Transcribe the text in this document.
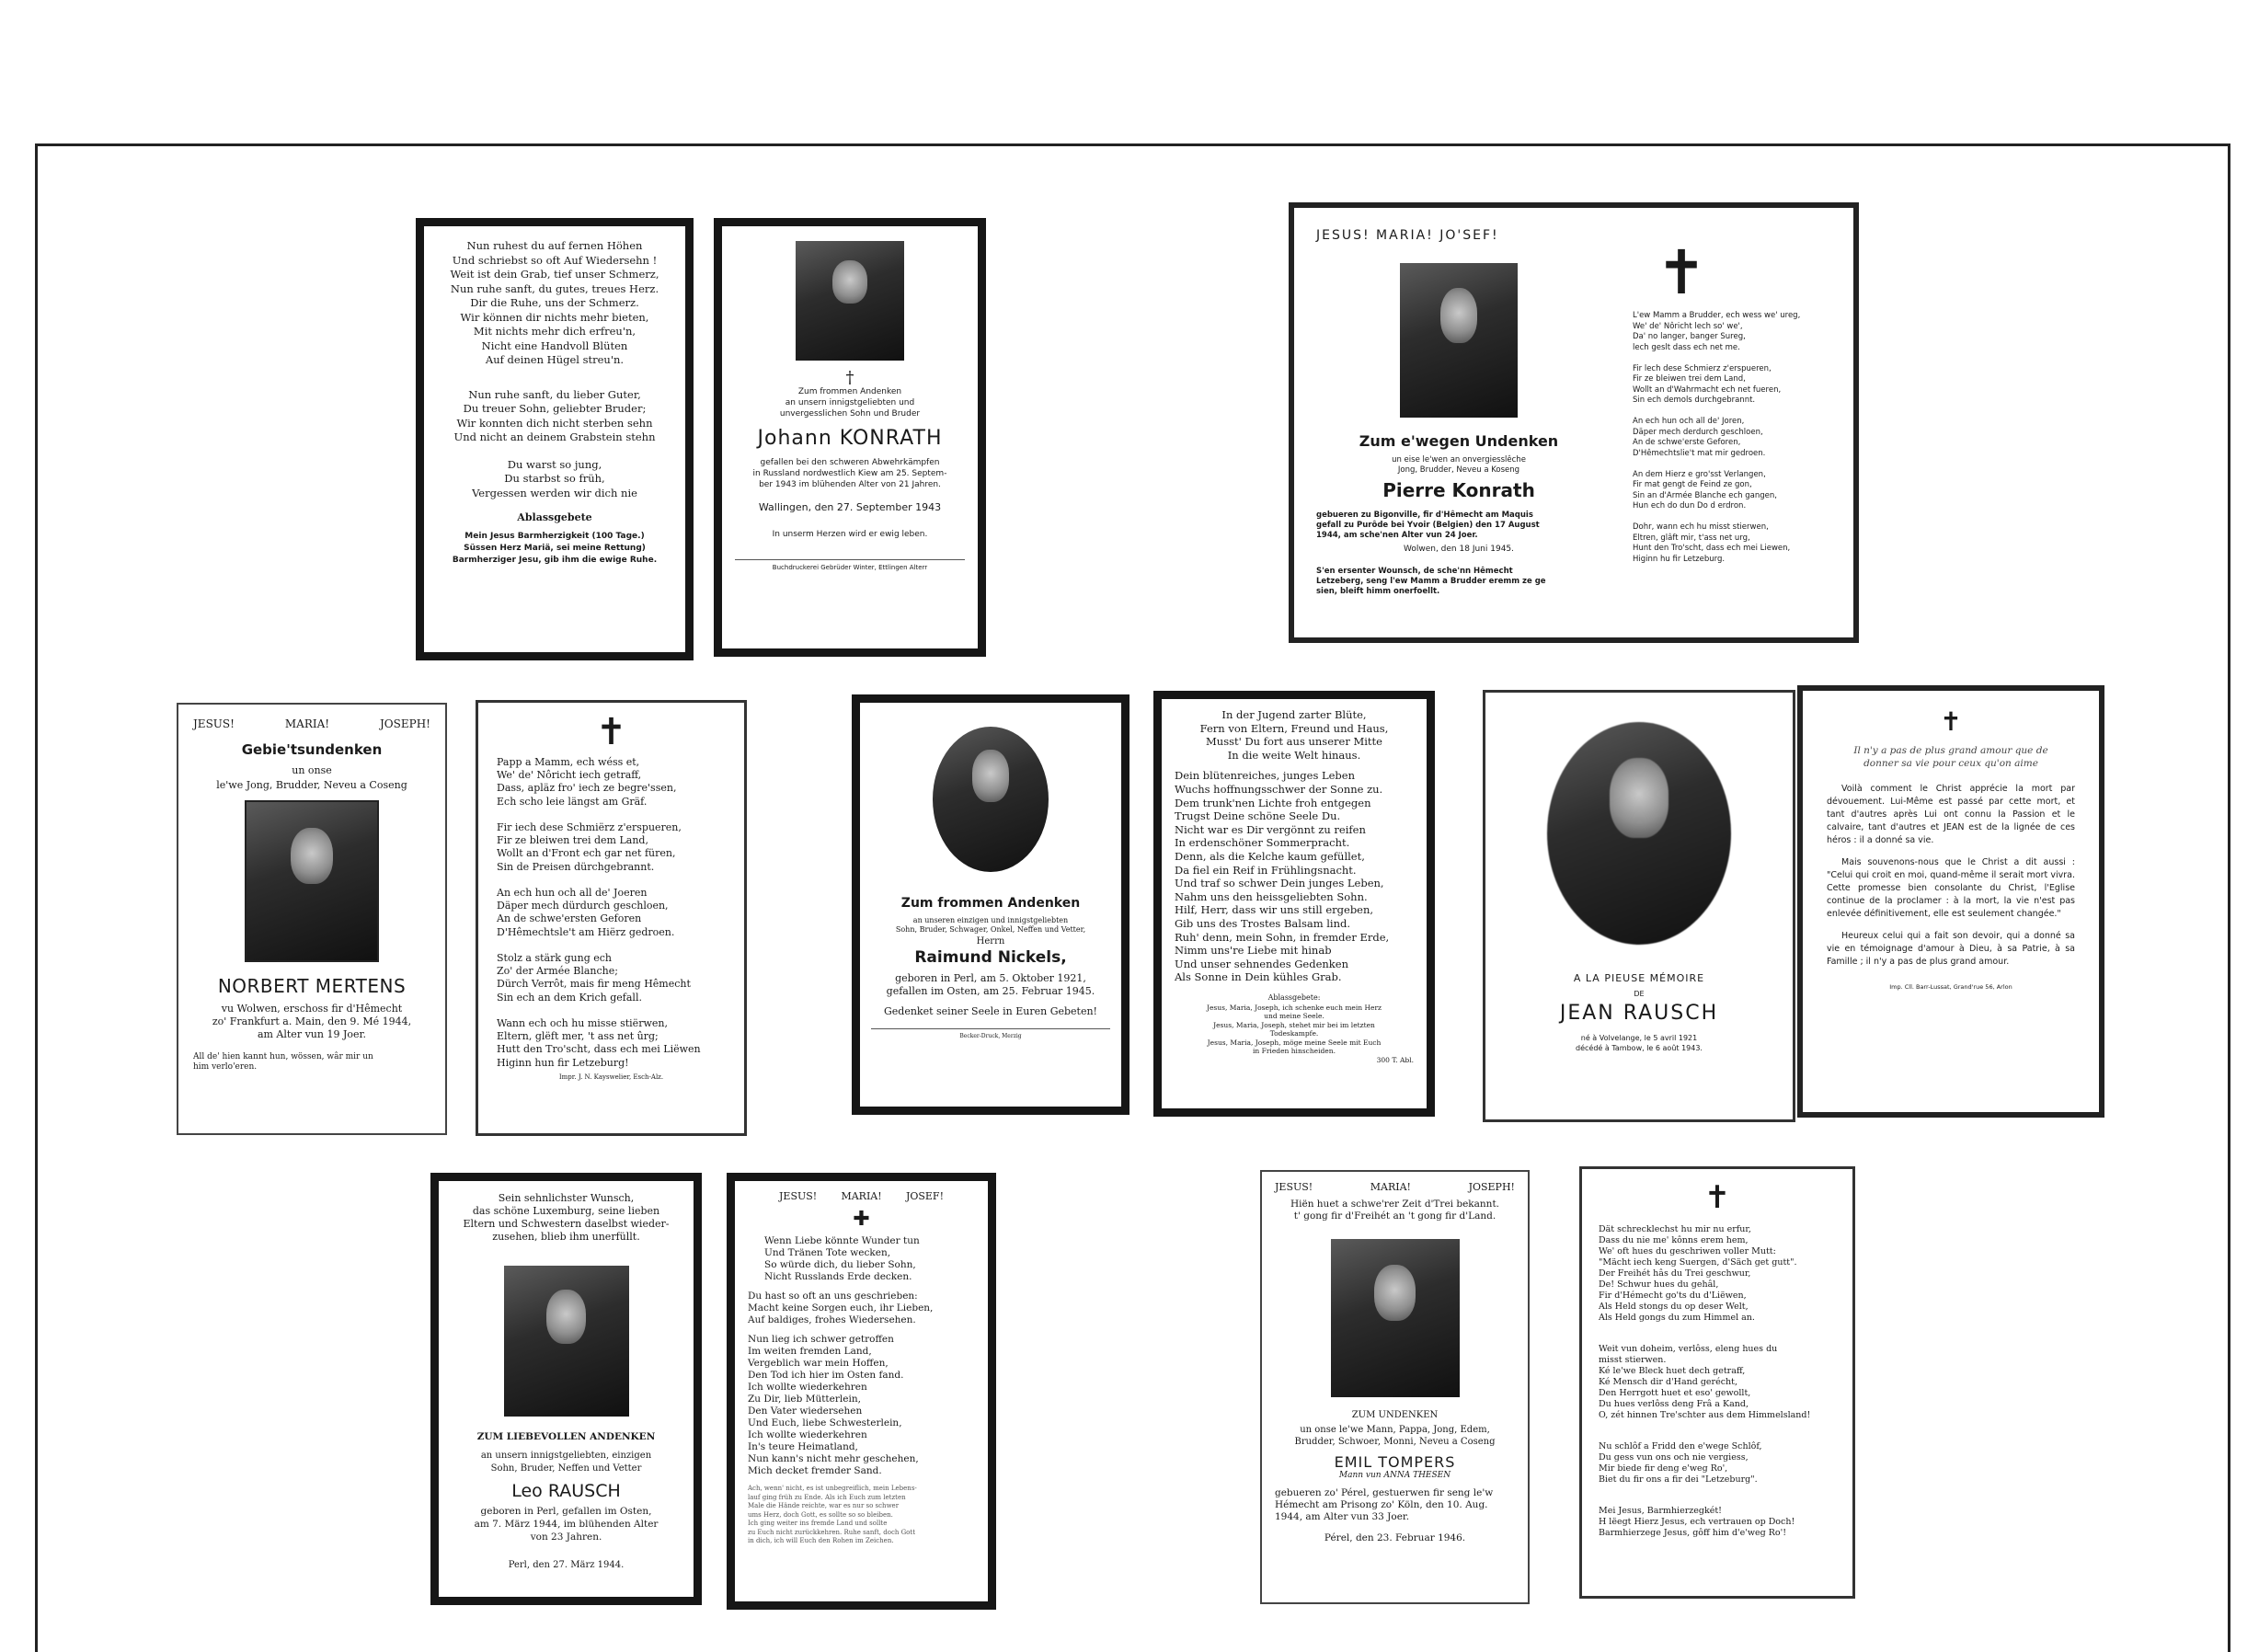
Nun ruhest du auf fernen Höhen
Und schriebst so oft Auf Wiedersehn !
Weit ist dein Grab, tief unser Schmerz,
Nun ruhe sanft, du gutes, treues Herz.
Dir die Ruhe, uns der Schmerz.
Wir können dir nichts mehr bieten,
Mit nichts mehr dich erfreu'n,
Nicht eine Handvoll Blüten
Auf deinen Hügel streu'n.
Nun ruhe sanft, du lieber Guter,
Du treuer Sohn, geliebter Bruder;
Wir konnten dich nicht sterben sehn
Und nicht an deinem Grabstein stehn
Du warst so jung,
Du starbst so früh,
Vergessen werden wir dich nie
Ablassgebete
Mein Jesus Barmherzigkeit (100 Tage.)
Süssen Herz Mariä, sei meine Rettung)
Barmherziger Jesu, gib ihm die ewige Ruhe.
†
Zum frommen Andenken
an unsern innigstgeliebten und
unvergesslichen Sohn und Bruder
Johann KONRATH
gefallen bei den schweren Abwehrkämpfen
in Russland nordwestlich Kiew am 25. Septem-
ber 1943 im blühenden Alter von 21 Jahren.
Wallingen, den 27. September 1943
In unserm Herzen wird er ewig leben.
Buchdruckerei Gebrüder Winter, Ettlingen Alterr
JESUS! MARIA! JO'SEF!
Zum e'wegen Undenken
un eise le'wen an onvergiesslêche
Jong, Brudder, Neveu a Koseng
Pierre Konrath
gebueren zu Bigonville, fir d'Hêmecht am Maquis
gefall zu Purôde bei Yvoir (Belgien) den 17 August
1944, am sche'nen Alter vun 24 Joer.
Wolwen, den 18 Juni 1945.
S'en ersenter Wounsch, de sche'nn Hêmecht
Letzeberg, seng l'ew Mamm a Brudder eremm ze ge
sien, bleift himm onerfoellt.
✝
L'ew Mamm a Brudder, ech wess we' ureg,
We' de' Nôricht lech so' we',
Da' no langer, banger Sureg,
lech geslt dass ech net me.

Fir lech dese Schmierz z'erspueren,
Fir ze bleiwen trei dem Land,
Wollt an d'Wahrmacht ech net fueren,
Sin ech demols durchgebrannt.

An ech hun och all de' Joren,
Däper mech derdurch geschloen,
An de schwe'erste Geforen,
D'Hêmechtslie't mat mir gedroen.

An dem Hierz e gro'sst Verlangen,
Fir mat gengt de Feind ze gon,
Sin an d'Armée Blanche ech gangen,
Hun ech do dun Do d erdron.

Dohr, wann ech hu misst stierwen,
Eltren, glâft mir, t'ass net urg,
Hunt den Tro'scht, dass ech mei Liewen,
Higinn hu fir Letzeburg.
JESUS!	MARIA!	JOSEPH!
Gebie'tsundenken
un onse
le'we Jong, Brudder, Neveu a Coseng
NORBERT MERTENS
vu Wolwen, erschoss fir d'Hêmecht
zo' Frankfurt a. Main, den 9. Mé 1944,
am Alter vun 19 Joer.
All de' hien kannt hun, wössen, wâr mir un
him verlo'eren.
✝
Papp a Mamm, ech wéss et,
We' de' Nôricht iech getraff,
Dass, apläz fro' iech ze begre'ssen,
Ech scho leie längst am Gräf.

Fir iech dese Schmiërz z'erspueren,
Fir ze bleiwen trei dem Land,
Wollt an d'Front ech gar net füren,
Sin de Preisen dürchgebrannt.

An ech hun och all de' Joeren
Däper mech dürdurch geschloen,
An de schwe'ersten Geforen
D'Hêmechtsle't am Hiërz gedroen.

Stolz a stärk gung ech
Zo' der Armée Blanche;
Dürch Verrôt, mais fir meng Hêmecht
Sin ech an dem Krich gefall.

Wann ech och hu misse stiërwen,
Eltern, glëft mer, 't ass net ûrg;
Hutt den Tro'scht, dass ech mei Liëwen
Higinn hun fir Letzeburg!
Impr. J. N. Kayswelier, Esch-Alz.
Zum frommen Andenken
an unseren einzigen und innigstgeliebten
Sohn, Bruder, Schwager, Onkel, Neffen und Vetter,
Herrn
Raimund Nickels,
geboren in Perl, am 5. Oktober 1921,
gefallen im Osten, am 25. Februar 1945.
Gedenket seiner Seele in Euren Gebeten!
Becker-Druck, Merzig
In der Jugend zarter Blüte,
Fern von Eltern, Freund und Haus,
Musst' Du fort aus unserer Mitte
In die weite Welt hinaus.
Dein blütenreiches, junges Leben
Wuchs hoffnungsschwer der Sonne zu.
Dem trunk'nen Lichte froh entgegen
Trugst Deine schöne Seele Du.
Nicht war es Dir vergönnt zu reifen
In erdenschöner Sommerpracht.
Denn, als die Kelche kaum gefüllet,
Da fiel ein Reif in Frühlingsnacht.
Und traf so schwer Dein junges Leben,
Nahm uns den heissgeliebten Sohn.
Hilf, Herr, dass wir uns still ergeben,
Gib uns des Trostes Balsam lind.
Ruh' denn, mein Sohn, in fremder Erde,
Nimm uns're Liebe mit hinab
Und unser sehnendes Gedenken
Als Sonne in Dein kühles Grab.
Ablassgebete:
Jesus, Maria, Joseph, ich schenke euch mein Herz
und meine Seele.
Jesus, Maria, Joseph, stehet mir bei im letzten
Todeskampfe.
Jesus, Maria, Joseph, möge meine Seele mit Euch
in Frieden hinscheiden.
300 T. Abl.
A LA PIEUSE MÉMOIRE
DE
JEAN RAUSCH
né à Volvelange, le 5 avril 1921
décédé à Tambow, le 6 août 1943.
✝
Il n'y a pas de plus grand amour que de
donner sa vie pour ceux qu'on aime
Voilà comment le Christ apprécie la mort par dévouement. Lui-Même est passé par cette mort, et tant d'autres après Lui ont connu la Passion et le calvaire, tant d'autres et JEAN est de la lignée de ces héros : il a donné sa vie.
Mais souvenons-nous que le Christ a dit aussi : "Celui qui croit en moi, quand-même il serait mort vivra. Cette promesse bien consolante du Christ, l'Eglise continue de la proclamer : à la mort, la vie n'est pas enlevée définitivement, elle est seulement changée."
Heureux celui qui a fait son devoir, qui a donné sa vie en témoignage d'amour à Dieu, à sa Patrie, à sa Famille ; il n'y a pas de plus grand amour.
Imp. Cll. Barr-Lussat, Grand'rue 56, Arlon
Sein sehnlichster Wunsch,
das schöne Luxemburg, seine lieben
Eltern und Schwestern daselbst wieder-
zusehen, blieb ihm unerfüllt.
ZUM LIEBEVOLLEN ANDENKEN
an unsern innigstgeliebten, einzigen
Sohn, Bruder, Neffen und Vetter
Leo RAUSCH
geboren in Perl, gefallen im Osten,
am 7. März 1944, im blühenden Alter
von 23 Jahren.
Perl, den 27. März 1944.
JESUS! MARIA! JOSEF!
✚
Wenn Liebe könnte Wunder tun
Und Tränen Tote wecken,
So würde dich, du lieber Sohn,
Nicht Russlands Erde decken.
Du hast so oft an uns geschrieben:
Macht keine Sorgen euch, ihr Lieben,
Auf baldiges, frohes Wiedersehen.
Nun lieg ich schwer getroffen
Im weiten fremden Land,
Vergeblich war mein Hoffen,
Den Tod ich hier im Osten fand.
Ich wollte wiederkehren
Zu Dir, lieb Mütterlein,
Den Vater wiedersehen
Und Euch, liebe Schwesterlein,
Ich wollte wiederkehren
In's teure Heimatland,
Nun kann's nicht mehr geschehen,
Mich decket fremder Sand.
Ach, wenn' nicht, es ist unbegreiflich, mein Lebens-
lauf ging früh zu Ende. Als ich Euch zum letzten
Male die Hände reichte, war es nur so schwer
ums Herz, doch Gott, es sollte so so bleiben.
Ich ging weiter ins fremde Land und sollte
zu Euch nicht zurückkehren. Ruhe sanft, doch Gott
in dich, ich will Euch den Rohen im Zeichen.
JESUS!	MARIA!	JOSEPH!
Hiën huet a schwe'rer Zeit d'Trei bekannt.
t' gong fir d'Freihét an 't gong fir d'Land.
ZUM UNDENKEN
un onse le'we Mann, Pappa, Jong, Edem,
Brudder, Schwoer, Monni, Neveu a Coseng
EMIL TOMPERS
Mann vun ANNA THESEN
gebueren zo' Pérel, gestuerwen fir seng le'w
Hémecht am Prisong zo' Köln, den 10. Aug.
1944, am Alter vun 33 Joer.
Pérel, den 23. Februar 1946.
✝
Dät schrecklechst hu mir nu erfur,
Dass du nie me' kônns erem hem,
We' oft hues du geschriwen voller Mutt:
"Mächt iech keng Suergen, d'Säch get gutt".
Der Freihét hâs du Trei geschwur,
De! Schwur hues du gehâl,
Fir d'Hémecht go'ts du d'Liëwen,
Als Held stongs du op deser Welt,
Als Held gongs du zum Himmel an.
Weit vun doheim, verlôss, eleng hues du
misst stierwen.
Ké le'we Bleck huet dech getraff,
Ké Mensch dir d'Hand gerécht,
Den Herrgott huet et eso' gewollt,
Du hues verlôss deng Frâ a Kand,
O, zét hinnen Tre'schter aus dem Himmelsland!
Nu schlôf a Fridd den e'wege Schlôf,
Du gess vun ons och nie vergiess,
Mir biede fir deng e'weg Ro',
Biet du fir ons a fir dei "Letzeburg".
Mei Jesus, Barmhierzegkét!
H lëegt Hierz Jesus, ech vertrauen op Doch!
Barmhierzege Jesus, gôff him d'e'weg Ro'!
